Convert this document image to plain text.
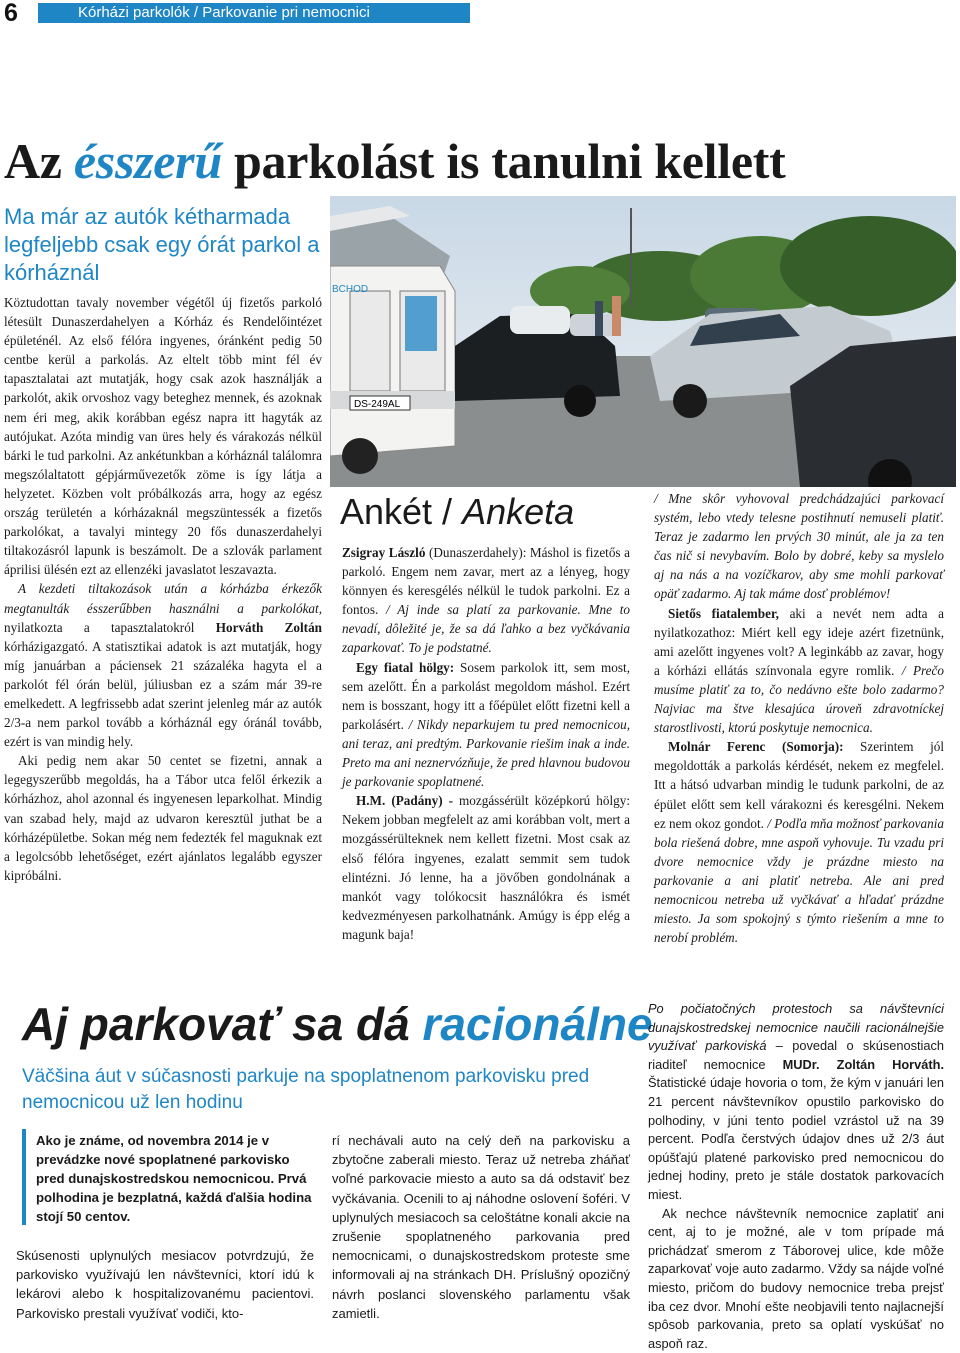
6	Kórházi parkolók / Parkovanie pri nemocnici
Az ésszerű parkolást is tanulni kellett
Ma már az autók kétharmada legfeljebb csak egy órát parkol a kórháznál

Köztudottan tavaly november végétől új fizetős parkoló létesült Dunaszerdahelyen a Kórház és Rendelőintézet épületénél. Az első félóra ingyenes, óránként pedig 50 centbe kerül a parkolás. Az eltelt több mint fél év tapasztalatai azt mutatják, hogy csak azok használják a parkolót, akik orvoshoz vagy beteghez mennek, és azoknak nem éri meg, akik korábban egész napra itt hagyták az autójukat. Azóta mindig van üres hely és várakozás nélkül bárki le tud parkolni. Az ankétunkban a kórháznál találomra megszólaltatott gépjárművezetők zöme is így látja a helyzetet. Közben volt próbálkozás arra, hogy az egész ország területén a kórházaknál megszüntessék a fizetős parkolókat, a tavalyi mintegy 20 fős dunaszerdahelyi tiltakozásról lapunk is beszámolt. De a szlovák parlament áprilisi ülésén ezt az ellenzéki javaslatot leszavazta.

A kezdeti tiltakozások után a kórházba érkezők megtanulták ésszerűbben használni a parkolókat, nyilatkozta a tapasztalatokról Horváth Zoltán kórházigazgató. A statisztikai adatok is azt mutatják, hogy míg januárban a páciensek 21 százaléka hagyta el a parkolót fél órán belül, júliusban ez a szám már 39-re emelkedett. A legfrissebb adat szerint jelenleg már az autók 2/3-a nem parkol tovább a kórháznál egy óránál tovább, ezért is van mindig hely.

Aki pedig nem akar 50 centet se fizetni, annak a legegyszerűbb megoldás, ha a Tábor utca felől érkezik a kórházhoz, ahol azonnal és ingyenesen leparkolhat. Mindig van szabad hely, majd az udvaron keresztül juthat be a kórházépületbe. Sokan még nem fedezték fel maguknak ezt a legolcsóbb lehetőséget, ezért ajánlatos legalább egyszer kipróbálni.

DS-249AL
BCHOD
Ankét / Anketa

Zsigray László (Dunaszerdahely): Máshol is fizetős a parkoló. Engem nem zavar, mert az a lényeg, hogy könnyen és keresgélés nélkül le tudok parkolni. Ez a fontos. / Aj inde sa platí za parkovanie. Mne to nevadí, dôležité je, že sa dá ľahko a bez vyčkávania zaparkovať. To je podstatné.

Egy fiatal hölgy: Sosem parkolok itt, sem most, sem azelőtt. Én a parkolást megoldom máshol. Ezért nem is bosszant, hogy itt a főépület előtt fizetni kell a parkolásért. / Nikdy neparkujem tu pred nemocnicou, ani teraz, ani predtým. Parkovanie riešim inak a inde. Preto ma ani neznervózňuje, že pred hlavnou budovou je parkovanie spoplatnené.

H.M. (Padány) - mozgássérült középkorú hölgy: Nekem jobban megfelelt az ami korábban volt, mert a mozgássérülteknek nem kellett fizetni. Most csak az első félóra ingyenes, ezalatt semmit sem tudok elintézni. Jó lenne, ha a jövőben gondolnának a mankót vagy tolókocsit használókra és ismét kedvezményesen parkolhatnánk. Amúgy is épp elég a magunk baja!

/ Mne skôr vyhovoval predchádzajúci parkovací systém, lebo vtedy telesne postihnutí nemuseli platiť. Teraz je zadarmo len prvých 30 minút, ale ja za ten čas nič si nevybavím. Bolo by dobré, keby sa myslelo aj na nás a na vozíčkarov, aby sme mohli parkovať opäť zadarmo. Aj tak máme dosť problémov!

Sietős fiatalember, aki a nevét nem adta a nyilatkozathoz: Miért kell egy ideje azért fizetnünk, ami azelőtt ingyenes volt? A leginkább az zavar, hogy a kórházi ellátás színvonala egyre romlik. / Prečo musíme platiť za to, čo nedávno ešte bolo zadarmo? Najviac ma štve klesajúca úroveň zdravotníckej starostlivosti, ktorú poskytuje nemocnica.

Molnár Ferenc (Somorja): Szerintem jól megoldották a parkolás kérdését, nekem ez megfelel. Itt a hátsó udvarban mindig le tudunk parkolni, de az épület előtt sem kell várakozni és keresgélni. Nekem ez nem okoz gondot. / Podľa mňa možnosť parkovania bola riešená dobre, mne aspoň vyhovuje. Tu vzadu pri dvore nemocnice vždy je prázdne miesto na parkovanie a ani platiť netreba. Ale ani pred nemocnicou netreba už vyčkávať a hľadať prázdne miesto. Ja som spokojný s týmto riešením a mne to nerobí problém.

Aj parkovať sa dá racionálne
Väčšina áut v súčasnosti parkuje na spoplatnenom parkovisku pred nemocnicou už len hodinu
Ako je známe, od novembra 2014 je v prevádzke nové spoplatnené parkovisko pred dunajskostredskou nemocnicou. Prvá polhodina je bezplatná, každá ďalšia hodina stojí 50 centov.

Skúsenosti uplynulých mesiacov potvrdzujú, že parkovisko využívajú len návštevníci, ktorí idú k lekárovi alebo k hospitalizovanému pacientovi. Parkovisko prestali využívať vodiči, kto-

rí nechávali auto na celý deň na parkovisku a zbytočne zaberali miesto. Teraz už netreba zháňať voľné parkovacie miesto a auto sa dá odstaviť bez vyčkávania. Ocenili to aj náhodne oslovení šoféri. V uplynulých mesiacoch sa celoštátne konali akcie na zrušenie spoplatneného parkovania pred nemocnicami, o dunajskostredskom proteste sme informovali aj na stránkach DH. Príslušný opozičný návrh poslanci slovenského parlamentu však zamietli.

Po počiatočných protestoch sa návštevníci dunajskostredskej nemocnice naučili racionálnejšie využívať parkoviská – povedal o skúsenostiach riaditeľ nemocnice MUDr. Zoltán Horváth. Štatistické údaje hovoria o tom, že kým v januári len 21 percent návštevníkov opustilo parkovisko do polhodiny, v júni tento podiel vzrástol už na 39 percent. Podľa čerstvých údajov dnes už 2/3 áut opúšťajú platené parkovisko pred nemocnicou do jednej hodiny, preto je stále dostatok parkovacích miest.

Ak nechce návštevník nemocnice zaplatiť ani cent, aj to je možné, ale v tom prípade má prichádzať smerom z Táborovej ulice, kde môže zaparkovať voje auto zadarmo. Vždy sa nájde voľné miesto, pričom do budovy nemocnice treba prejsť iba cez dvor. Mnohí ešte neobjavili tento najlacnejší spôsob parkovania, preto sa oplatí vyskúšať no aspoň raz.
